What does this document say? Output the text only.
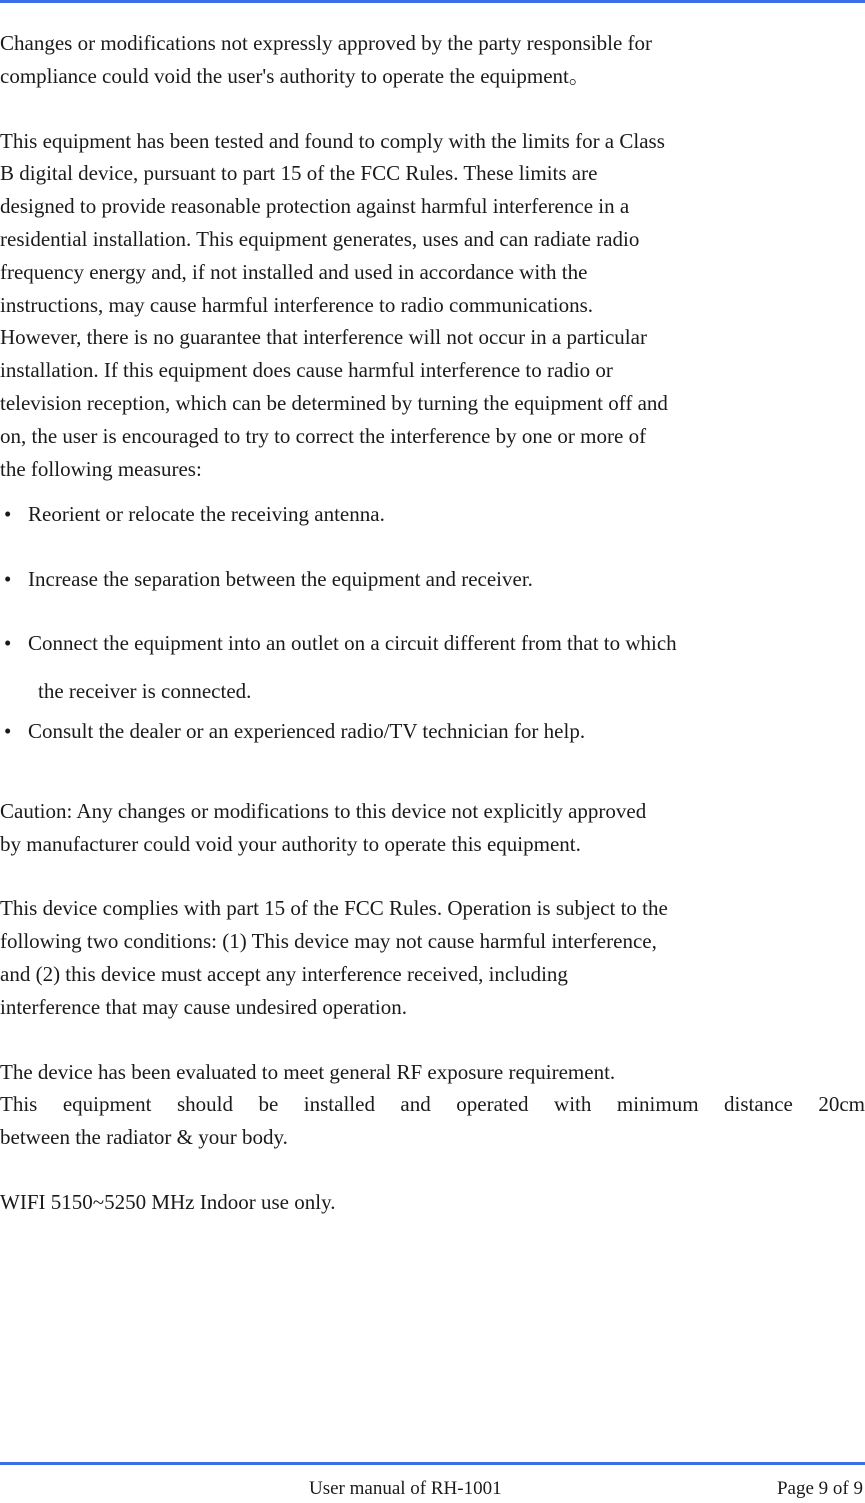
Changes or modifications not expressly approved by the party responsible for
compliance could void the user's authority to operate the equipment。

This equipment has been tested and found to comply with the limits for a Class
B digital device, pursuant to part 15 of the FCC Rules. These limits are
designed to provide reasonable protection against harmful interference in a
residential installation. This equipment generates, uses and can radiate radio
frequency energy and, if not installed and used in accordance with the
instructions, may cause harmful interference to radio communications.
However, there is no guarantee that interference will not occur in a particular
installation. If this equipment does cause harmful interference to radio or
television reception, which can be determined by turning the equipment off and
on, the user is encouraged to try to correct the interference by one or more of
the following measures:

• Reorient or relocate the receiving antenna.
• Increase the separation between the equipment and receiver.
• Connect the equipment into an outlet on a circuit different from that to which
the receiver is connected.
• Consult the dealer or an experienced radio/TV technician for help.

Caution: Any changes or modifications to this device not explicitly approved
by manufacturer could void your authority to operate this equipment.

This device complies with part 15 of the FCC Rules. Operation is subject to the
following two conditions: (1) This device may not cause harmful interference,
and (2) this device must accept any interference received, including
interference that may cause undesired operation.

The device has been evaluated to meet general RF exposure requirement.

This equipment should be installed and operated with minimum distance 20cm

between the radiator & your body.

WIFI 5150~5250 MHz Indoor use only.

User manual of RH-1001	Page 9 of 9
